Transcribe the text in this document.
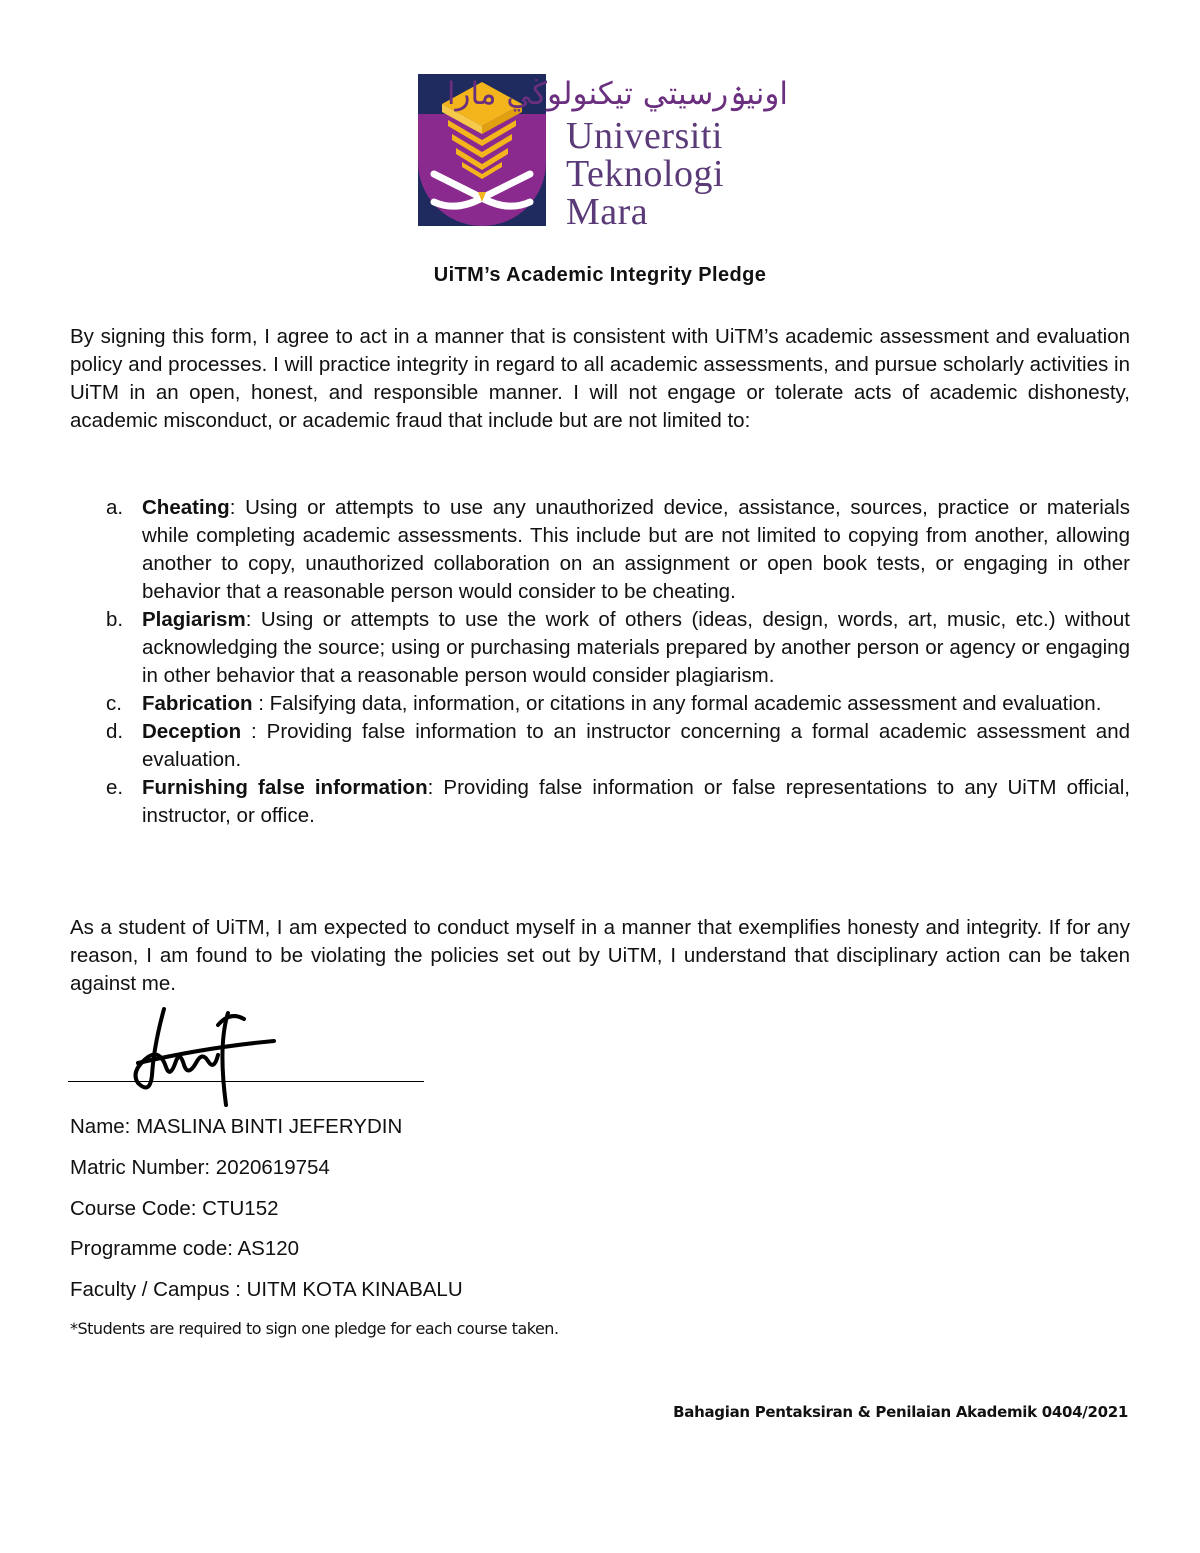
اونيۏرسيتي تيكنولوڬي مارا
Universiti
Teknologi
Mara
UiTM’s Academic Integrity Pledge

By signing this form, I agree to act in a manner that is consistent with UiTM’s academic assessment and evaluation policy and processes. I will practice integrity in regard to all academic assessments, and pursue scholarly activities in UiTM in an open, honest, and responsible manner. I will not engage or tolerate acts of academic dishonesty, academic misconduct, or academic fraud that include but are not limited to:

a. Cheating: Using or attempts to use any unauthorized device, assistance, sources, practice or materials while completing academic assessments. This include but are not limited to copying from another, allowing another to copy, unauthorized collaboration on an assignment or open book tests, or engaging in other behavior that a reasonable person would consider to be cheating.
b. Plagiarism: Using or attempts to use the work of others (ideas, design, words, art, music, etc.) without acknowledging the source; using or purchasing materials prepared by another person or agency or engaging in other behavior that a reasonable person would consider plagiarism.
c. Fabrication : Falsifying data, information, or citations in any formal academic assessment and evaluation.
d. Deception : Providing false information to an instructor concerning a formal academic assessment and evaluation.
e. Furnishing false information: Providing false information or false representations to any UiTM official, instructor, or office.

As a student of UiTM, I am expected to conduct myself in a manner that exemplifies honesty and integrity. If for any reason, I am found to be violating the policies set out by UiTM, I understand that disciplinary action can be taken against me.

Name: MASLINA BINTI JEFERYDIN
Matric Number: 2020619754
Course Code: CTU152
Programme code: AS120
Faculty / Campus : UITM KOTA KINABALU
*Students are required to sign one pledge for each course taken.
Bahagian Pentaksiran & Penilaian Akademik 0404/2021
